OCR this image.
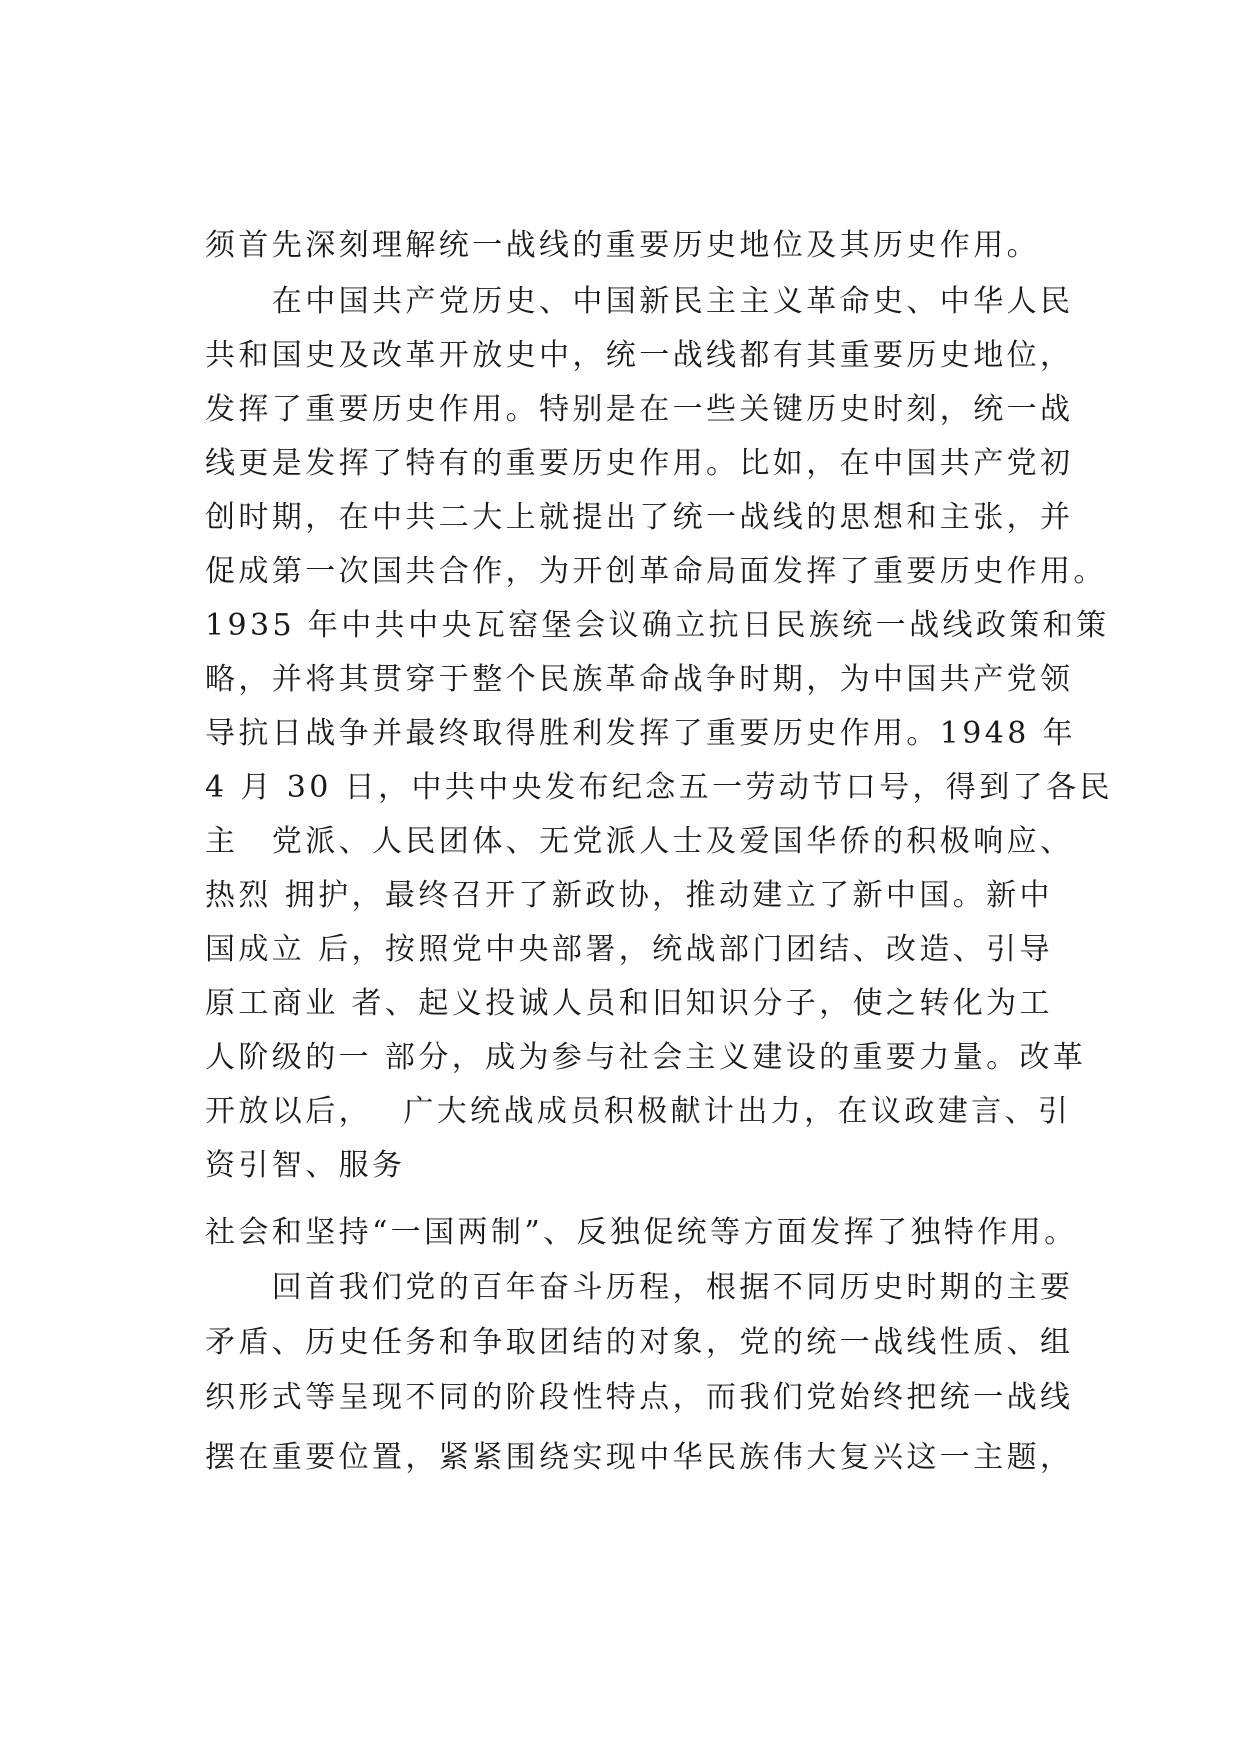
须首先深刻理解统一战线的重要历史地位及其历史作用。

　　在中国共产党历史、中国新民主主义革命史、中华人民

共和国史及改革开放史中，统一战线都有其重要历史地位，

发挥了重要历史作用。特别是在一些关键历史时刻，统一战

线更是发挥了特有的重要历史作用。比如，在中国共产党初

创时期，在中共二大上就提出了统一战线的思想和主张，并

促成第一次国共合作，为开创革命局面发挥了重要历史作用。

1935 年中共中央瓦窑堡会议确立抗日民族统一战线政策和策

略，并将其贯穿于整个民族革命战争时期，为中国共产党领

导抗日战争并最终取得胜利发挥了重要历史作用。1948 年

4 月 30 日，中共中央发布纪念五一劳动节口号，得到了各民

主　党派、人民团体、无党派人士及爱国华侨的积极响应、

热烈 拥护，最终召开了新政协，推动建立了新中国。新中

国成立 后，按照党中央部署，统战部门团结、改造、引导

原工商业 者、起义投诚人员和旧知识分子，使之转化为工

人阶级的一 部分，成为参与社会主义建设的重要力量。改革

开放以后，　 广大统战成员积极献计出力，在议政建言、引

资引智、服务

社会和坚持“一国两制”、反独促统等方面发挥了独特作用。

　　回首我们党的百年奋斗历程，根据不同历史时期的主要

矛盾、历史任务和争取团结的对象，党的统一战线性质、组

织形式等呈现不同的阶段性特点，而我们党始终把统一战线

摆在重要位置，紧紧围绕实现中华民族伟大复兴这一主题，
